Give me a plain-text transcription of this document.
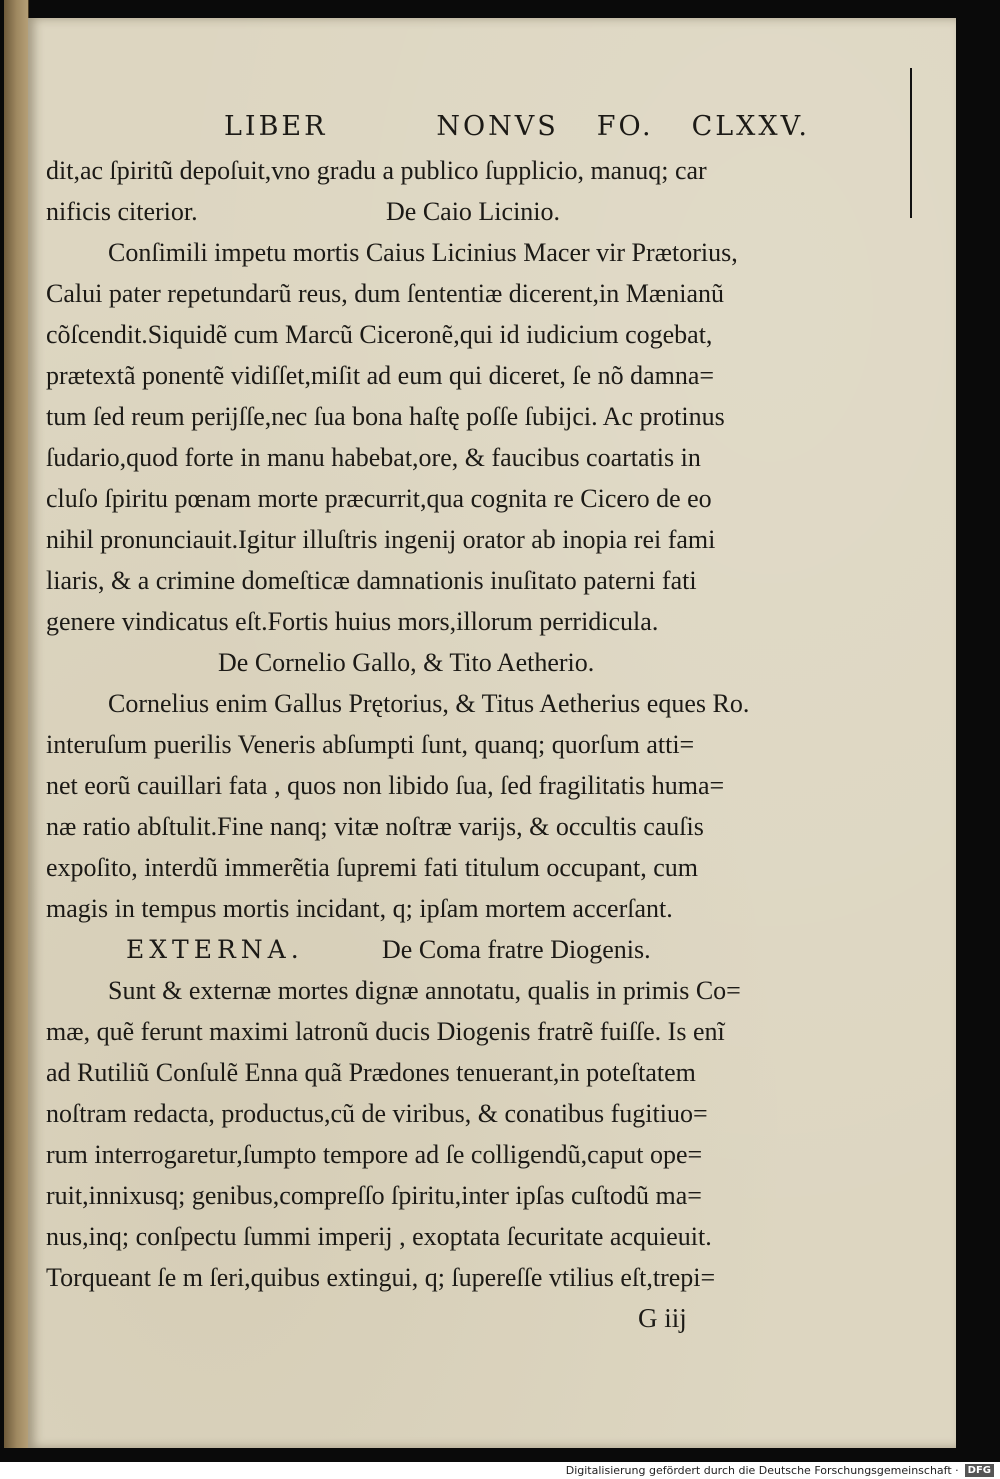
LIBER	NONVS FO. CLXXV.
dit,ac ſpiritũ depoſuit,vno gradu a publico ſupplicio, manuq; car
nificis citerior.	De Caio Licinio.
Conſimili impetu mortis Caius Licinius Macer vir Prætorius,
Calui pater repetundarũ reus, dum ſententiæ dicerent,in Mænianũ
cõſcendit.Siquidẽ cum Marcũ Ciceronẽ,qui id iudicium cogebat,
prætextã ponentẽ vidiſſet,miſit ad eum qui diceret, ſe nõ damna=
tum ſed reum perijſſe,nec ſua bona haſtę poſſe ſubijci. Ac protinus
ſudario,quod forte in manu habebat,ore, & faucibus coartatis in
cluſo ſpiritu pœnam morte præcurrit,qua cognita re Cicero de eo
nihil pronunciauit.Igitur illuſtris ingenij orator ab inopia rei fami
liaris, & a crimine domeſticæ damnationis inuſitato paterni fati
genere vindicatus eſt.Fortis huius mors,illorum perridicula.
De Cornelio Gallo, & Tito Aetherio.
Cornelius enim Gallus Prętorius, & Titus Aetherius eques Ro.
interuſum puerilis Veneris abſumpti ſunt, quanq; quorſum atti=
net eorũ cauillari fata , quos non libido ſua, ſed fragilitatis huma=
næ ratio abſtulit.Fine nanq; vitæ noſtræ varijs, & occultis cauſis
expoſito, interdũ immerẽtia ſupremi fati titulum occupant, cum
magis in tempus mortis incidant, q; ipſam mortem accerſant.
EXTERNA.	De Coma fratre Diogenis.
Sunt & externæ mortes dignæ annotatu, qualis in primis Co=
mæ, quẽ ferunt maximi latronũ ducis Diogenis fratrẽ fuiſſe. Is enĩ
ad Rutiliũ Conſulẽ Enna quã Prædones tenuerant,in poteſtatem
noſtram redacta, productus,cũ de viribus, & conatibus fugitiuo=
rum interrogaretur,ſumpto tempore ad ſe colligendũ,caput ope=
ruit,innixusq; genibus,compreſſo ſpiritu,inter ipſas cuſtodũ ma=
nus,inq; conſpectu ſummi imperij , exoptata ſecuritate acquieuit.
Torqueant ſe m ſeri,quibus extingui, q; ſupereſſe vtilius eſt,trepi=
G iij
Digitalisierung gefördert durch die Deutsche Forschungsgemeinschaft · DFG
